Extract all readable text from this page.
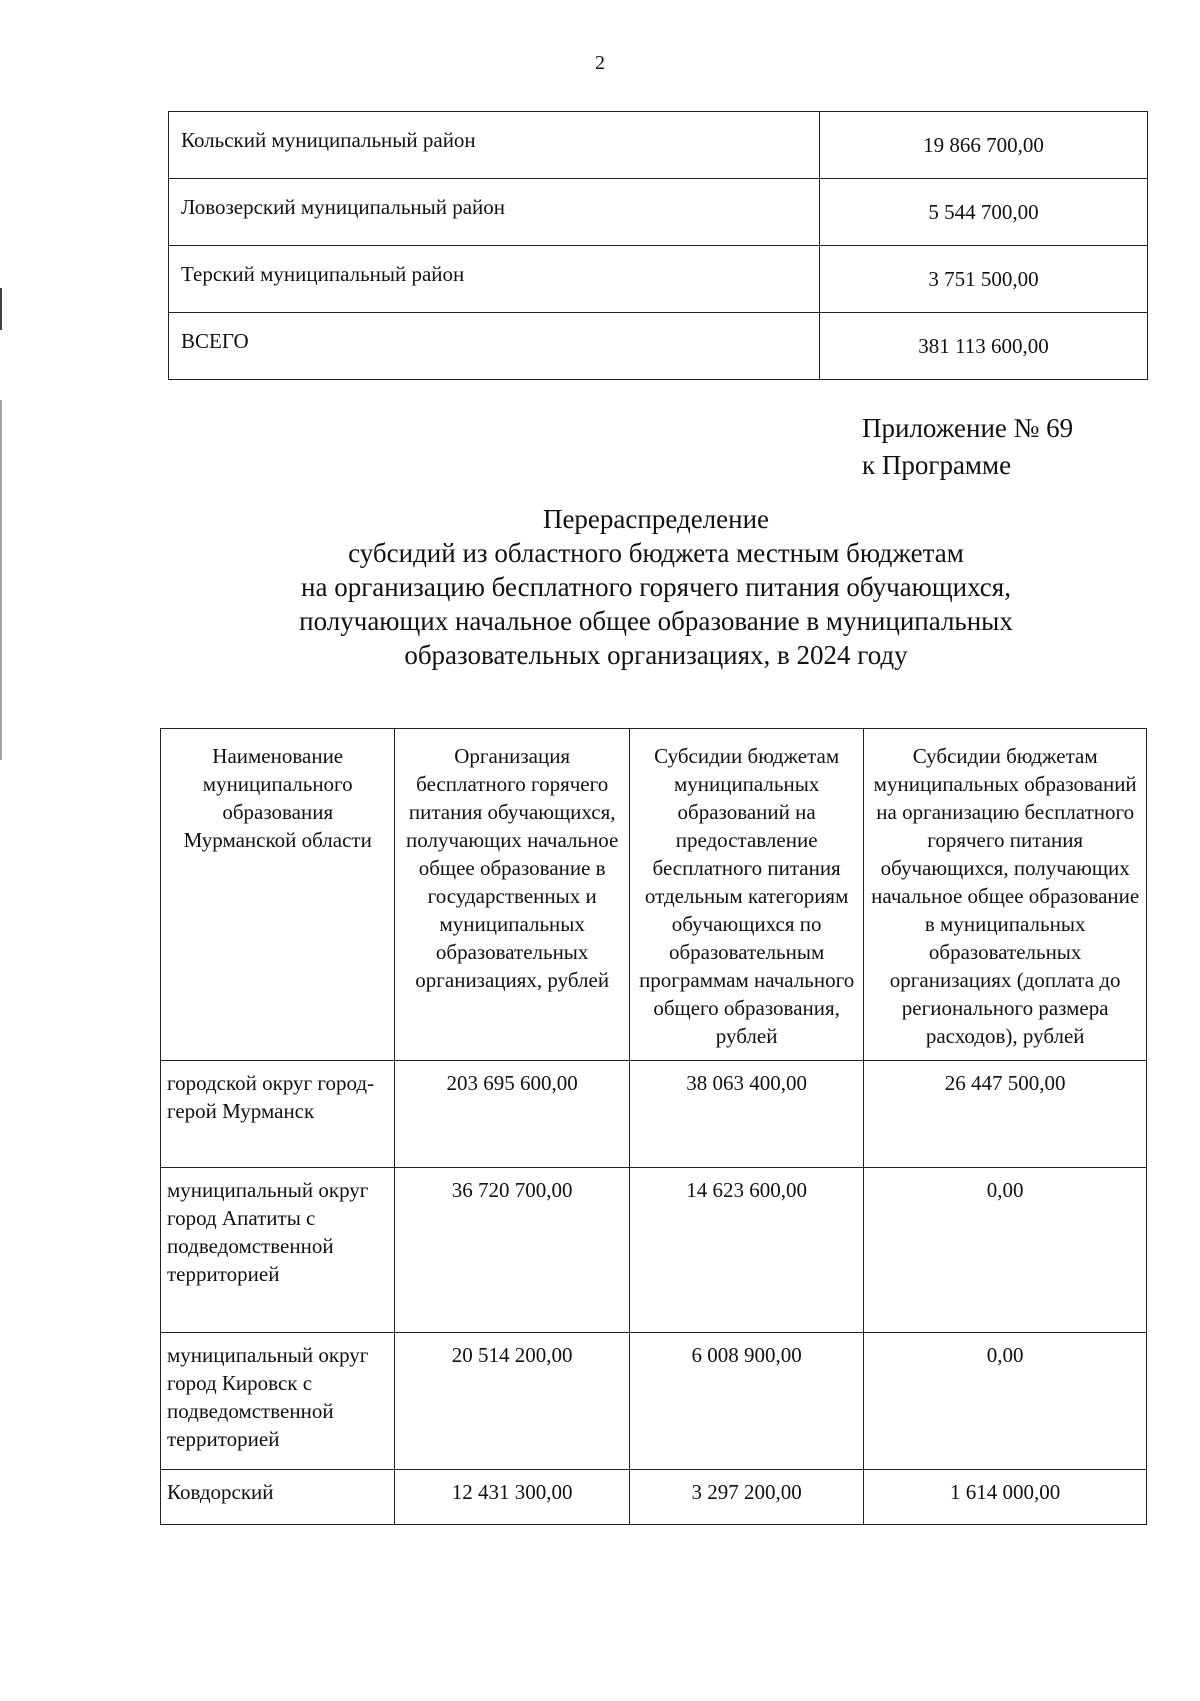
2
Кольский муниципальный район	19 866 700,00
Ловозерский муниципальный район	5 544 700,00
Терский муниципальный район	3 751 500,00
ВСЕГО	381 113 600,00
Приложение № 69
к Программе
Перераспределение
субсидий из областного бюджета местным бюджетам
на организацию бесплатного горячего питания обучающихся,
получающих начальное общее образование в муниципальных
образовательных организациях, в 2024 году
Наименование муниципального образования Мурманской области	Организация бесплатного горячего питания обучающихся, получающих начальное общее образование в государственных и муниципальных образовательных организациях, рублей	Субсидии бюджетам муниципальных образований на предоставление бесплатного питания отдельным категориям обучающихся по образовательным программам начального общего образования, рублей	Субсидии бюджетам муниципальных образований на организацию бесплатного горячего питания обучающихся, получающих начальное общее образование в муниципальных образовательных организациях (доплата до регионального размера расходов), рублей
городской округ город-герой Мурманск	203 695 600,00	38 063 400,00	26 447 500,00
муниципальный округ город Апатиты с подведомственной территорией	36 720 700,00	14 623 600,00	0,00
муниципальный округ город Кировск с подведомственной территорией	20 514 200,00	6 008 900,00	0,00
Ковдорский	12 431 300,00	3 297 200,00	1 614 000,00
